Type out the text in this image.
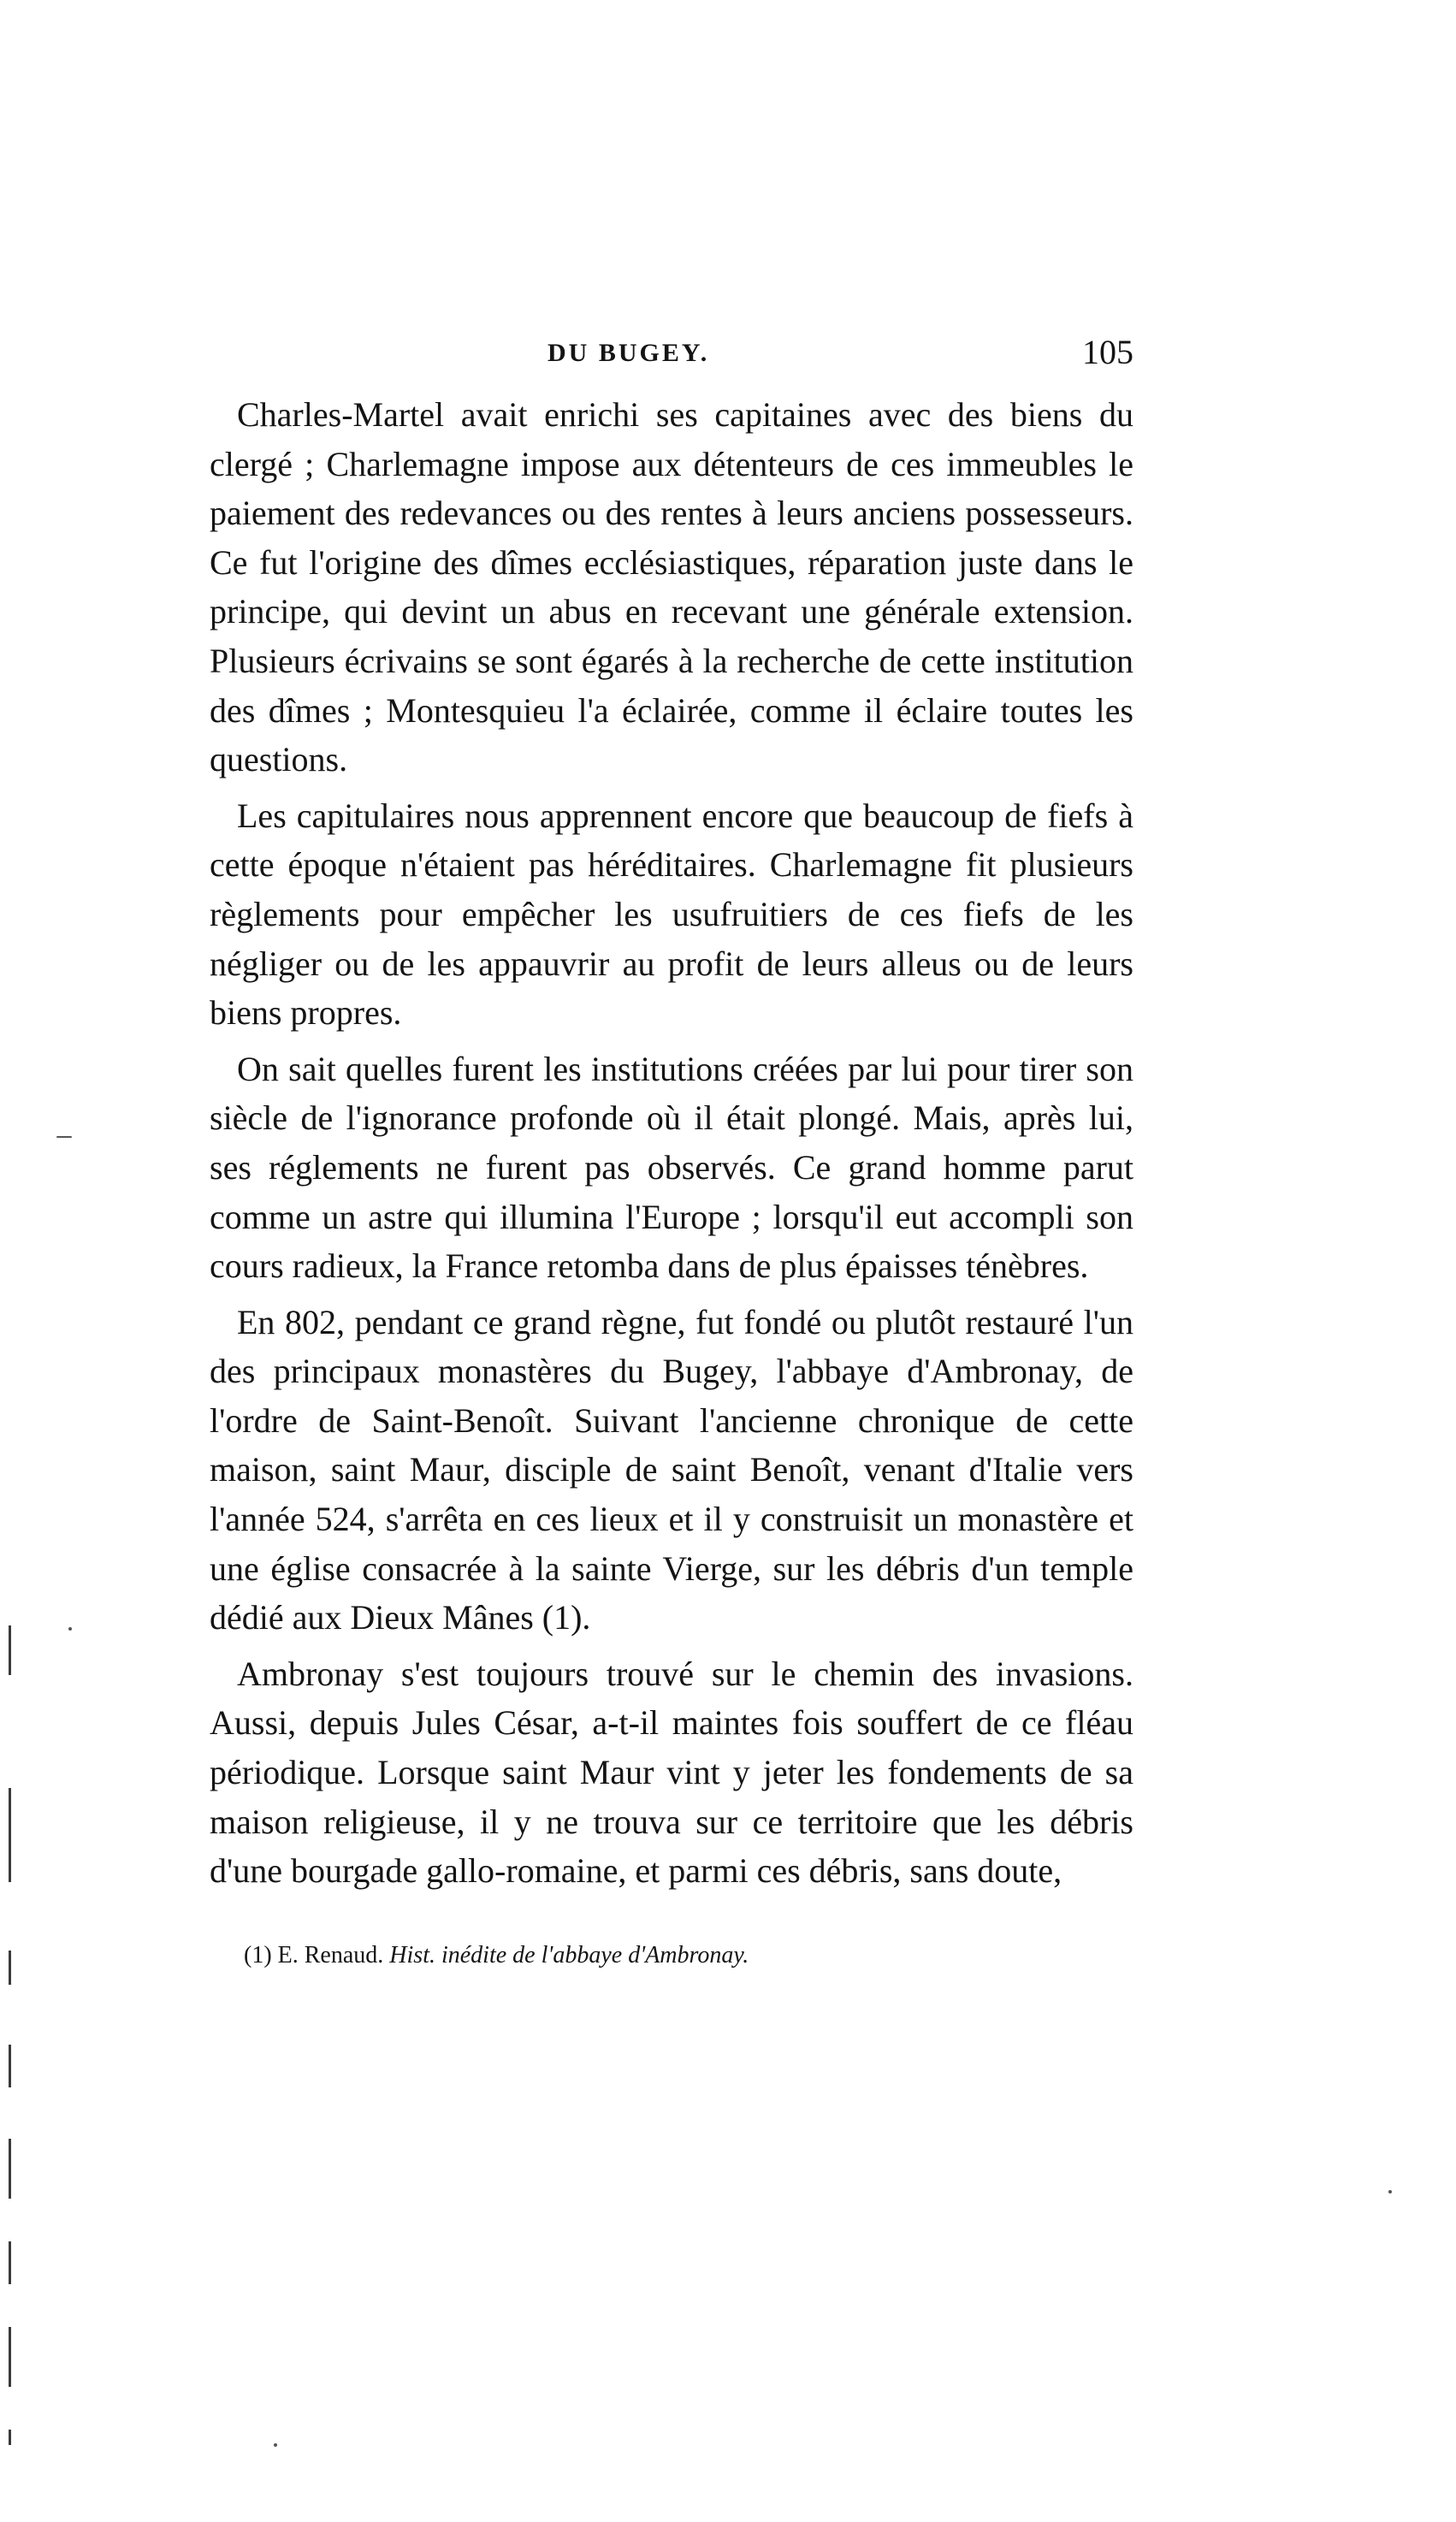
DU BUGEY.	105

Charles-Martel avait enrichi ses capitaines avec des biens du clergé ; Charlemagne impose aux détenteurs de ces immeubles le paiement des redevances ou des rentes à leurs anciens possesseurs. Ce fut l'origine des dîmes ecclésiastiques, réparation juste dans le principe, qui devint un abus en recevant une générale extension. Plusieurs écrivains se sont égarés à la recherche de cette institution des dîmes ; Montesquieu l'a éclairée, comme il éclaire toutes les questions.

Les capitulaires nous apprennent encore que beaucoup de fiefs à cette époque n'étaient pas héréditaires. Charlemagne fit plusieurs règlements pour empêcher les usufruitiers de ces fiefs de les négliger ou de les appauvrir au profit de leurs alleus ou de leurs biens propres.

On sait quelles furent les institutions créées par lui pour tirer son siècle de l'ignorance profonde où il était plongé. Mais, après lui, ses réglements ne furent pas observés. Ce grand homme parut comme un astre qui illumina l'Europe ; lorsqu'il eut accompli son cours radieux, la France retomba dans de plus épaisses ténèbres.

En 802, pendant ce grand règne, fut fondé ou plutôt restauré l'un des principaux monastères du Bugey, l'abbaye d'Ambronay, de l'ordre de Saint-Benoît. Suivant l'ancienne chronique de cette maison, saint Maur, disciple de saint Benoît, venant d'Italie vers l'année 524, s'arrêta en ces lieux et il y construisit un monastère et une église consacrée à la sainte Vierge, sur les débris d'un temple dédié aux Dieux Mânes (1).

Ambronay s'est toujours trouvé sur le chemin des invasions. Aussi, depuis Jules César, a-t-il maintes fois souffert de ce fléau périodique. Lorsque saint Maur vint y jeter les fondements de sa maison religieuse, il y ne trouva sur ce territoire que les débris d'une bourgade gallo-romaine, et parmi ces débris, sans doute,

(1) E. Renaud. Hist. inédite de l'abbaye d'Ambronay.
